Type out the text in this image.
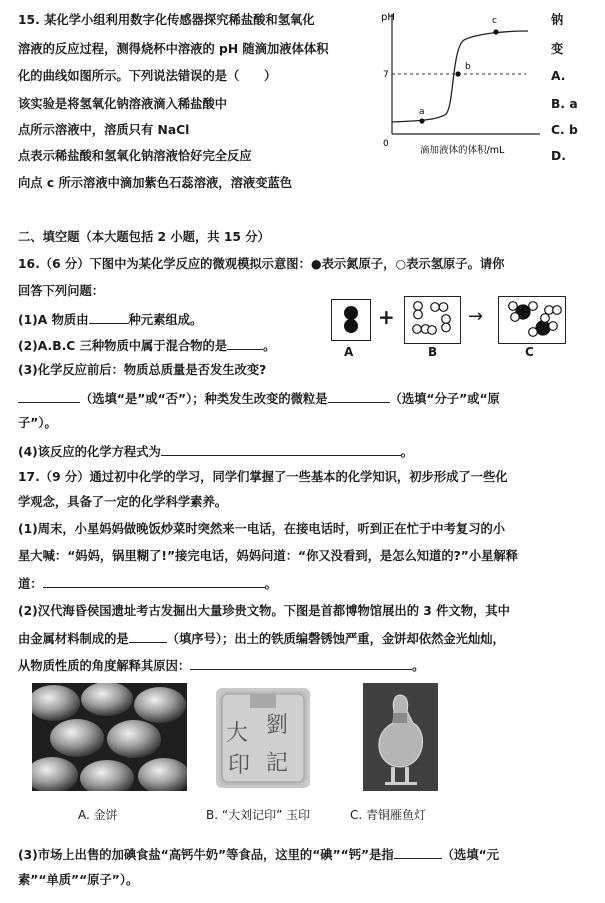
15. 某化学小组利用数字化传感器探究稀盐酸和氢氧化
溶液的反应过程，测得烧杯中溶液的 pH 随滴加液体体积
化的曲线如图所示。下列说法错误的是（　　）
该实验是将氢氧化钠溶液滴入稀盐酸中
点所示溶液中，溶质只有 NaCl
点表示稀盐酸和氢氧化钠溶液恰好完全反应
向点 c 所示溶液中滴加紫色石蕊溶液，溶液变蓝色
钠
变
A.
B. a
C. b
D.
pH
0
7
a
b
c
滴加液体的体积/mL
二、填空题（本大题包括 2 小题，共 15 分）
16.（6 分）下图中为某化学反应的微观模拟示意图：●表示氮原子，○表示氢原子。请你
回答下列问题：
(1)A 物质由	种元素组成。
(2)A.B.C 三种物质中属于混合物的是	。
(3)化学反应前后：物质总质量是否发生改变?
（选填“是”或“否”）；种类发生改变的微粒是	（选填“分子”或“原
子”）。
(4)该反应的化学方程式为	。
+	→
A	B	C
17.（9 分）通过初中化学的学习，同学们掌握了一些基本的化学知识，初步形成了一些化
学观念，具备了一定的化学科学素养。
(1)周末，小星妈妈做晚饭炒菜时突然来一电话，在接电话时，听到正在忙于中考复习的小
星大喊：“妈妈，锅里糊了!”接完电话，妈妈问道：“你又没看到，是怎么知道的?”小星解释
道：	。
(2)汉代海昏侯国遗址考古发掘出大量珍贵文物。下图是首都博物馆展出的 3 件文物，其中
由金属材料制成的是	（填序号）；出土的铁质编磬锈蚀严重，金饼却依然金光灿灿，
从物质性质的角度解释其原因：	。
大 劉
記
印
A. 金饼	B. “大刘记印” 玉印	C. 青铜雁鱼灯
(3)市场上出售的加碘食盐“高钙牛奶”等食品，这里的“碘”“钙”是指	（选填“元
素”“单质”“原子”）。
